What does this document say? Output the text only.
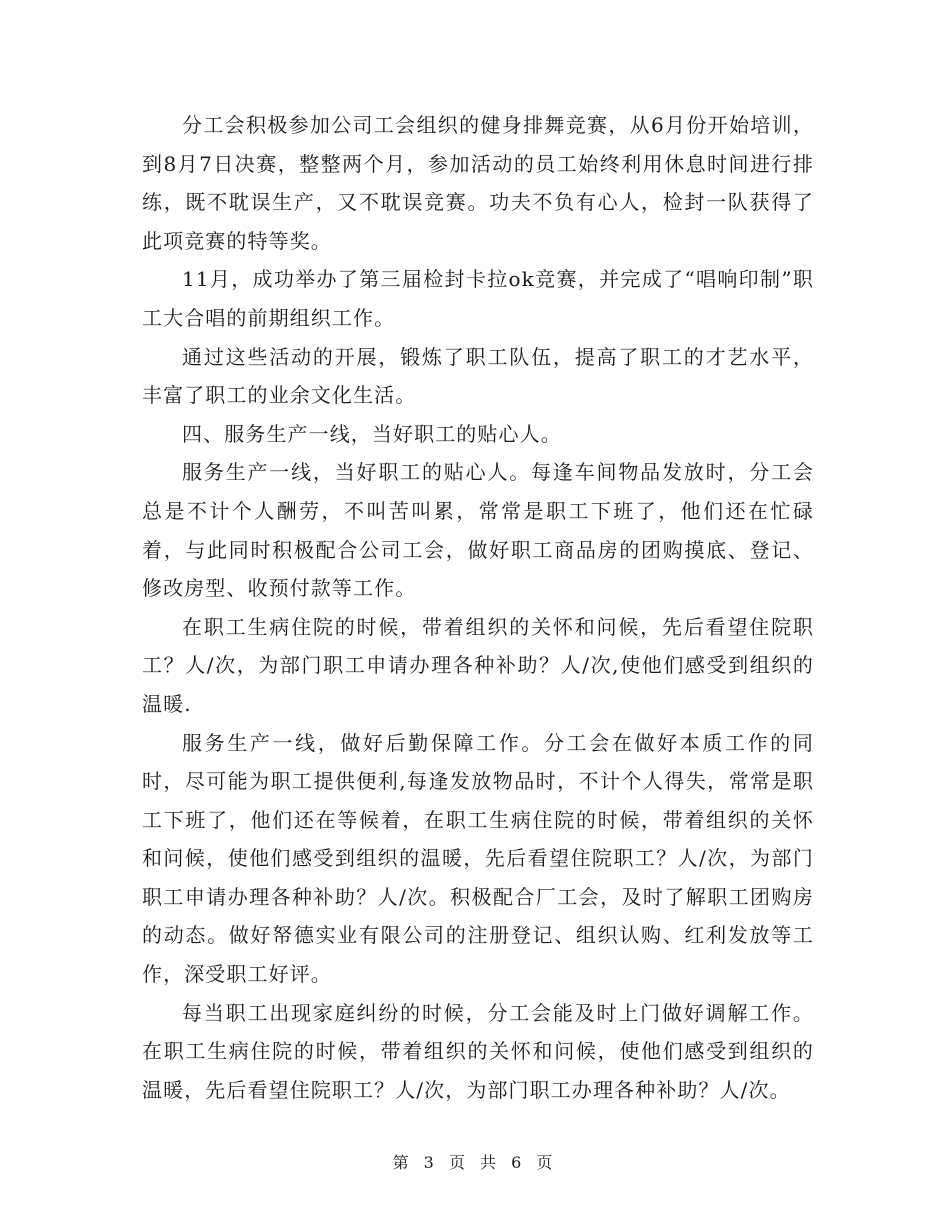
分工会积极参加公司工会组织的健身排舞竞赛，从6月份开始培训，到8月7日决赛，整整两个月，参加活动的员工始终利用休息时间进行排练，既不耽误生产，又不耽误竞赛。功夫不负有心人，检封一队获得了此项竞赛的特等奖。

11月，成功举办了第三届检封卡拉ok竞赛，并完成了“唱响印制”职工大合唱的前期组织工作。

通过这些活动的开展，锻炼了职工队伍，提高了职工的才艺水平，丰富了职工的业余文化生活。

四、服务生产一线，当好职工的贴心人。

服务生产一线，当好职工的贴心人。每逢车间物品发放时，分工会总是不计个人酬劳，不叫苦叫累，常常是职工下班了，他们还在忙碌着，与此同时积极配合公司工会，做好职工商品房的团购摸底、登记、修改房型、收预付款等工作。

在职工生病住院的时候，带着组织的关怀和问候，先后看望住院职工？人/次，为部门职工申请办理各种补助？人/次,使他们感受到组织的温暖.

服务生产一线，做好后勤保障工作。分工会在做好本质工作的同时，尽可能为职工提供便利,每逢发放物品时，不计个人得失，常常是职工下班了，他们还在等候着，在职工生病住院的时候，带着组织的关怀和问候，使他们感受到组织的温暖，先后看望住院职工？人/次，为部门职工申请办理各种补助？人/次。积极配合厂工会，及时了解职工团购房的动态。做好帑德实业有限公司的注册登记、组织认购、红利发放等工作，深受职工好评。

每当职工出现家庭纠纷的时候，分工会能及时上门做好调解工作。在职工生病住院的时候，带着组织的关怀和问候，使他们感受到组织的温暖，先后看望住院职工？人/次，为部门职工办理各种补助？人/次。

第 3 页 共 6 页
